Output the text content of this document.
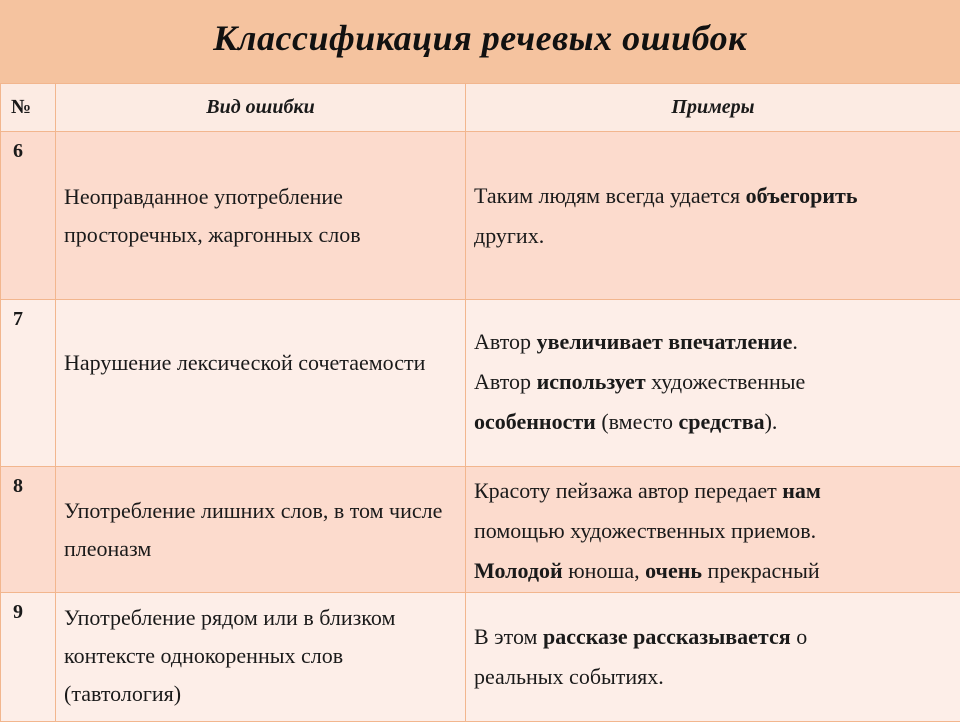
Классификация речевых ошибок
№	Вид ошибки	Примеры
6	Неоправданное употребление просторечных, жаргонных слов	Таким людям всегда удается объегорить
других.

7	Нарушение лексической сочетаемости	Автор увеличивает впечатление.
Автор использует художественные
особенности (вместо средства).

8	Употребление лишних слов, в том числе плеоназм	Красоту пейзажа автор передает нам
помощью художественных приемов.
Молодой юноша, очень прекрасный

9	Употребление рядом или в близком контексте однокоренных слов (тавтология)	В этом рассказе рассказывается о
реальных событиях.
